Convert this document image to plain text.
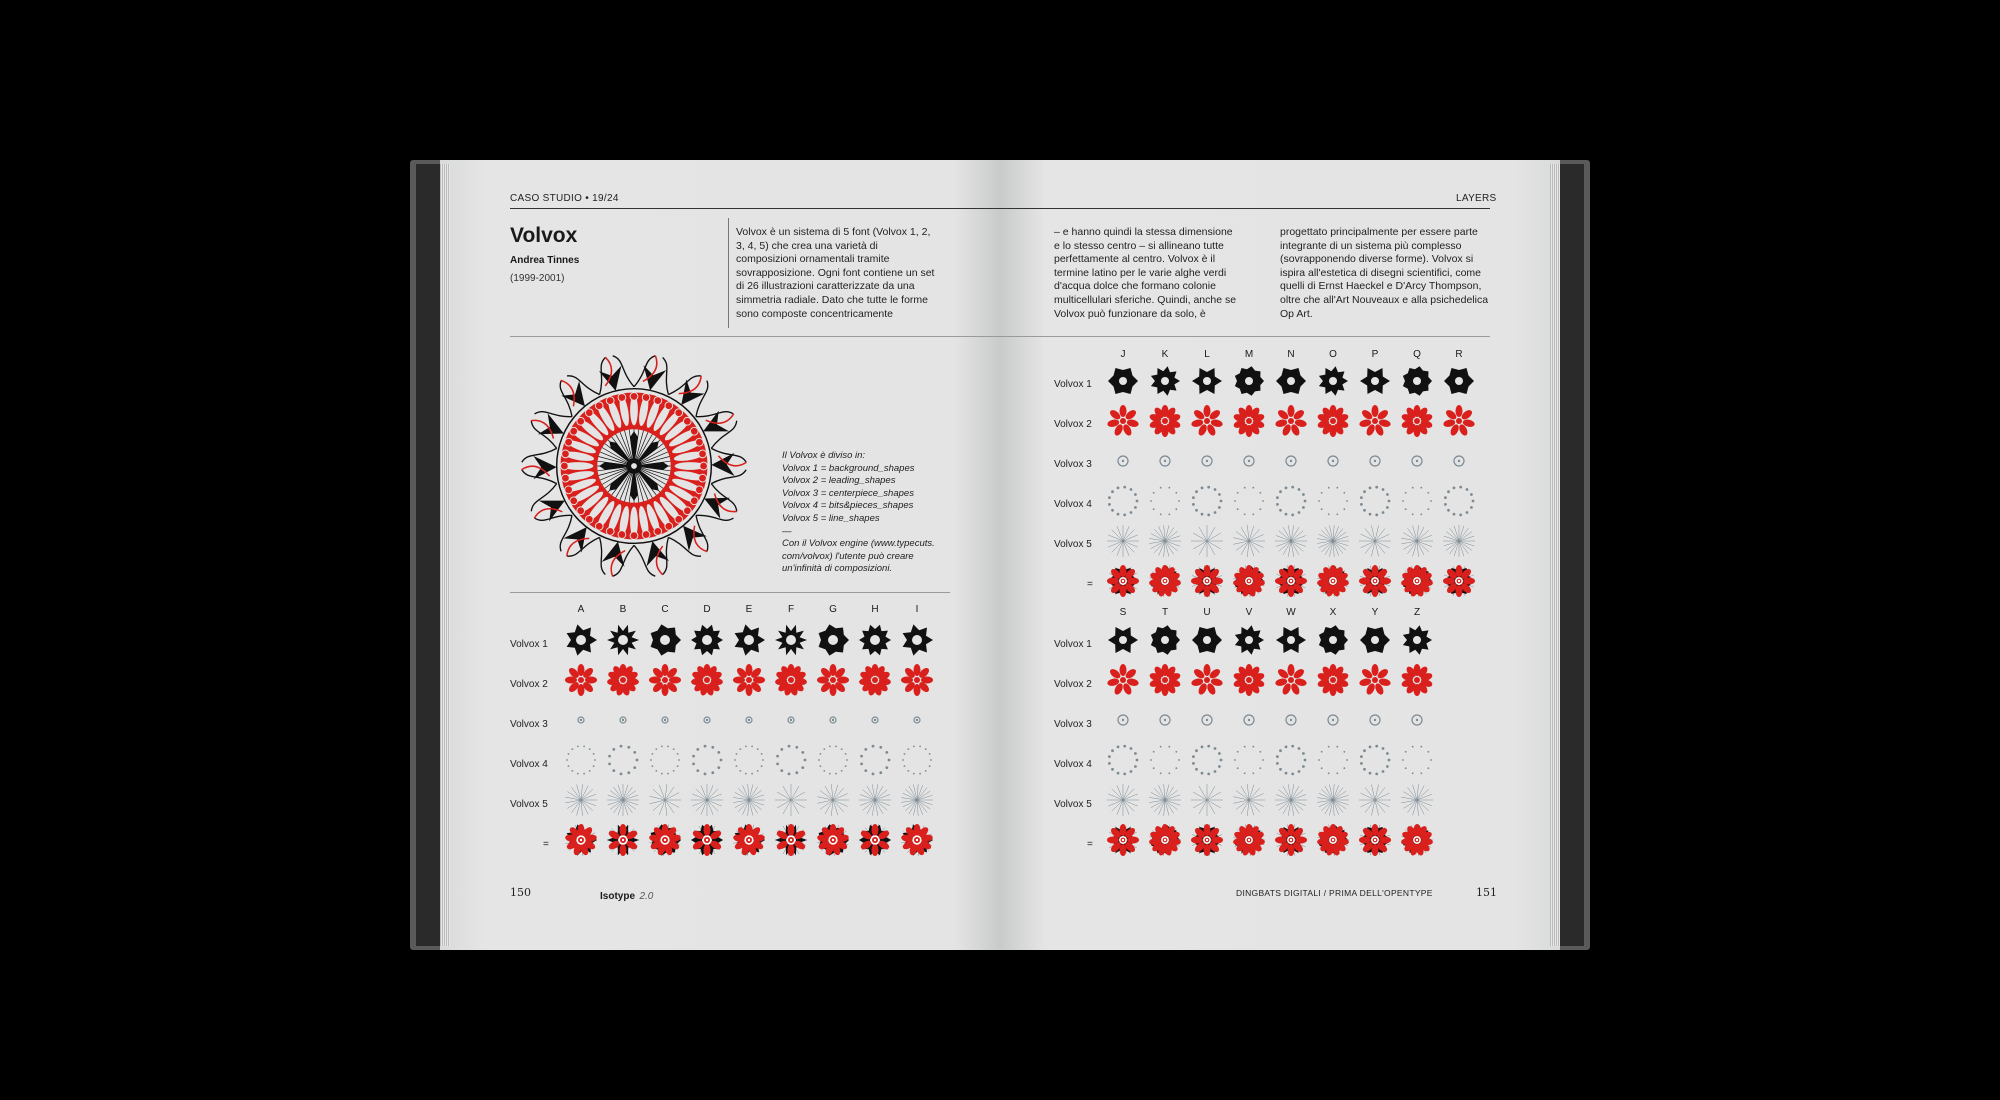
CASO STUDIO • 19/24
Volvox
Andrea Tinnes
(1999-2001)
Volvox è un sistema di 5 font (Volvox 1, 2, 3, 4, 5) che crea una varietà di composizioni ornamentali tramite sovrapposizione. Ogni font contiene un set di 26 illustrazioni caratterizzate da una simmetria radiale. Dato che tutte le forme sono composte concentricamente
Il Volvox è diviso in:
Volvox 1 = background_shapes
Volvox 2 = leading_shapes
Volvox 3 = centerpiece_shapes
Volvox 4 = bits&pieces_shapes
Volvox 5 = line_shapes
—
Con il Volvox engine (www.typecuts.
com/volvox) l'utente può creare
un'infinità di composizioni.
A	B	C	D	E	F	G	H	I
Volvox 1
Volvox 2
Volvox 3
Volvox 4
Volvox 5
=
150	Isotype 2.0
LAYERS
– e hanno quindi la stessa dimensione e lo stesso centro – si allineano tutte perfettamente al centro. Volvox è il termine latino per le varie alghe verdi d'acqua dolce che formano colonie multicellulari sferiche. Quindi, anche se Volvox può funzionare da solo, è
progettato principalmente per essere parte integrante di un sistema più complesso (sovrapponendo diverse forme). Volvox si ispira all'estetica di disegni scientifici, come quelli di Ernst Haeckel e D'Arcy Thompson, oltre che all'Art Nouveaux e alla psichedelica Op Art.
J	K	L	M	N	O	P	Q	R
Volvox 1
Volvox 2
Volvox 3
Volvox 4
Volvox 5
=
S	T	U	V	W	X	Y	Z
Volvox 1
Volvox 2
Volvox 3
Volvox 4
Volvox 5
=
DINGBATS DIGITALI / PRIMA DELL'OPENTYPE	151
